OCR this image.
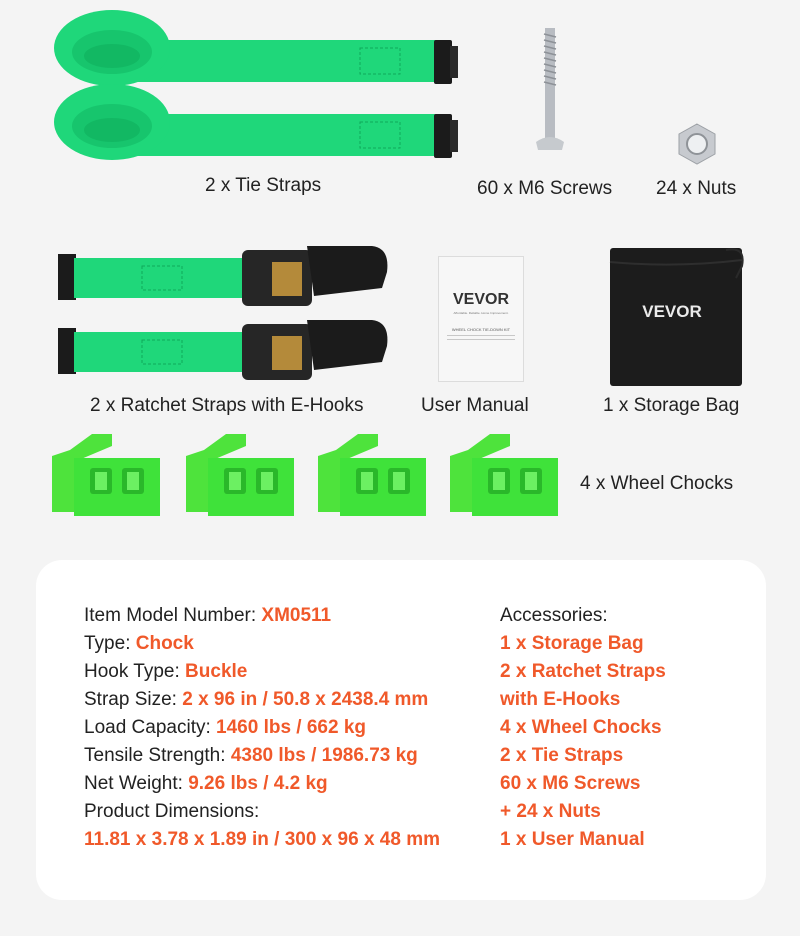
2 x Tie Straps	60 x M6 Screws 24 x Nuts
2 x Ratchet Straps with E-Hooks
VEVOR
Affordable. Reliable. Home Improvement.
WHEEL CHOCK TIE-DOWN KIT
User Manual
VEVOR
1 x Storage Bag
4 x Wheel Chocks
Item Model Number: XM0511
Type: Chock
Hook Type: Buckle
Strap Size: 2 x 96 in / 50.8 x 2438.4 mm
Load Capacity: 1460 lbs / 662 kg
Tensile Strength: 4380 lbs / 1986.73 kg
Net Weight: 9.26 lbs / 4.2 kg
Product Dimensions:
11.81 x 3.78 x 1.89 in / 300 x 96 x 48 mm
Accessories:
1 x Storage Bag
2 x Ratchet Straps
with E-Hooks
4 x Wheel Chocks
2 x Tie Straps
60 x M6 Screws
+ 24 x Nuts
1 x User Manual
